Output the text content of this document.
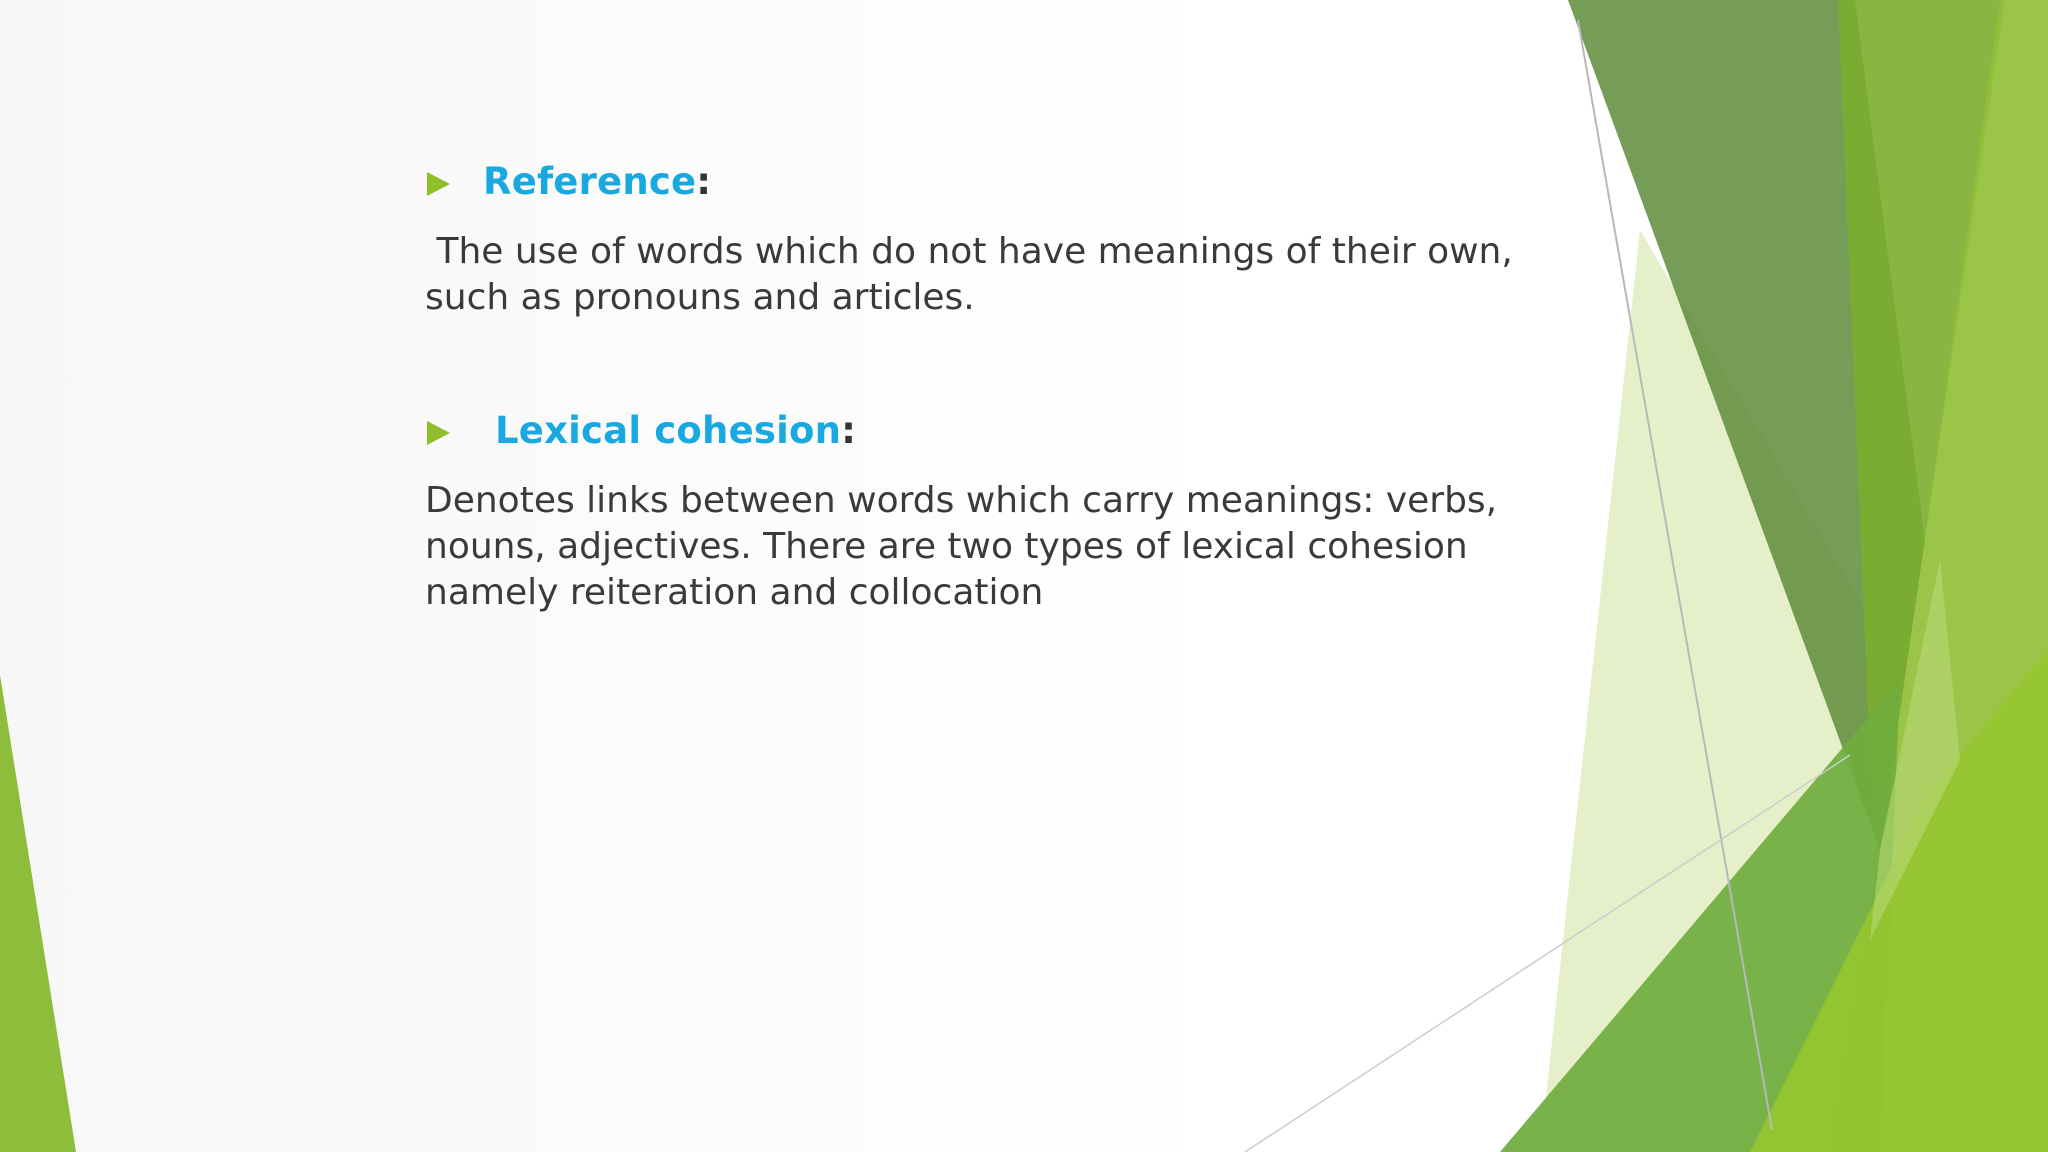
Reference :

The use of words which do not have meanings of their own, such as pronouns and articles.

Lexical cohesion :

Denotes links between words which carry meanings: verbs, nouns, adjectives. There are two types of lexical cohesion namely reiteration and collocation
